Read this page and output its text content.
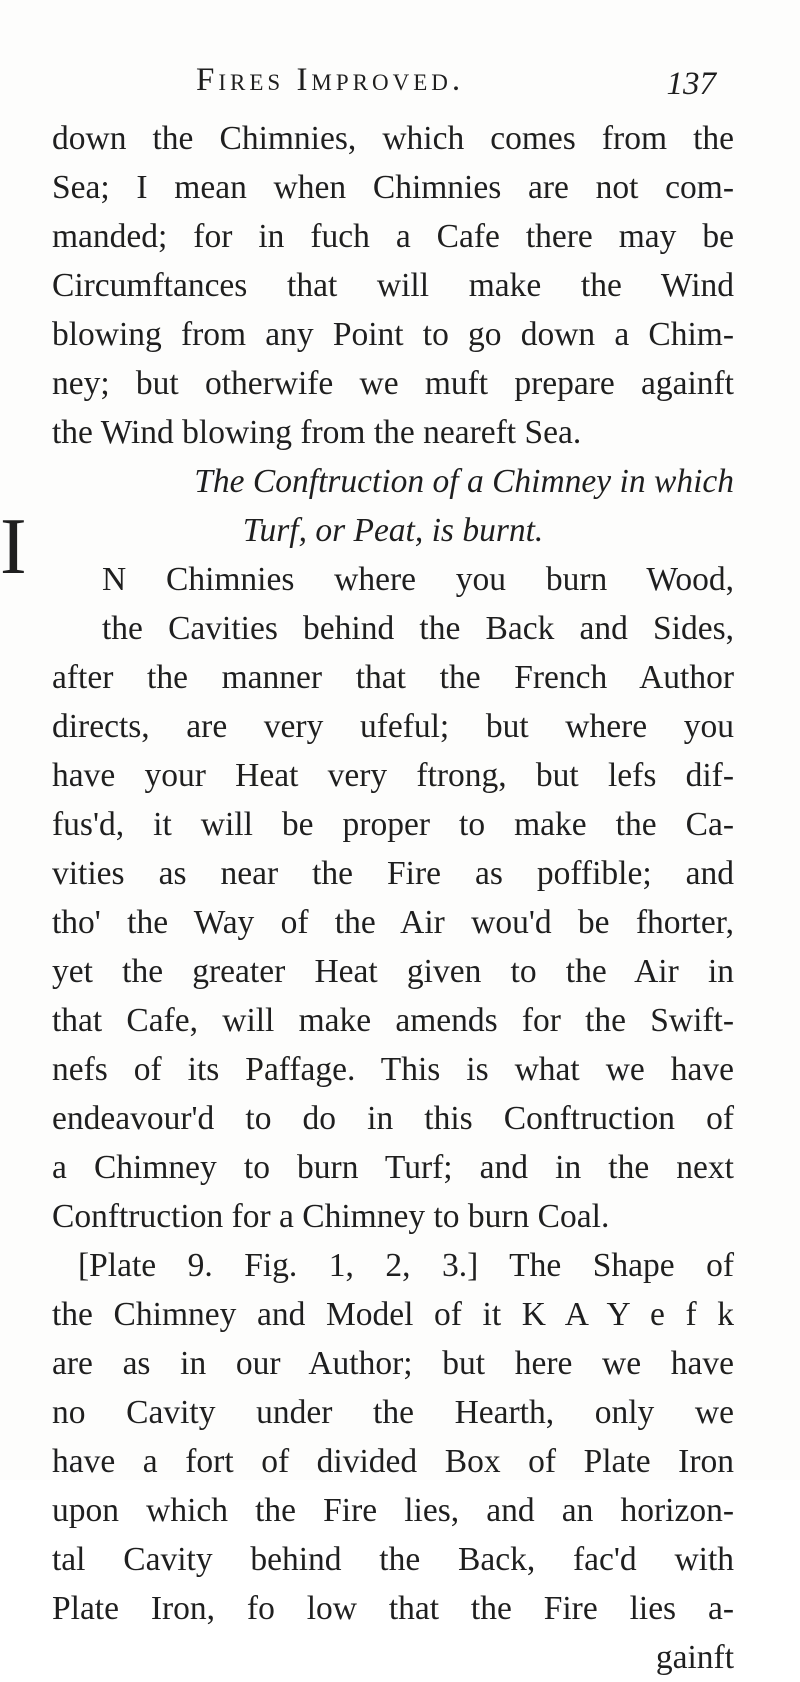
Fires Improved.	137
I
down the Chimnies, which comes from the
Sea; I mean when Chimnies are not com-
manded; for in fuch a Cafe there may be
Circumftances that will make the Wind
blowing from any Point to go down a Chim-
ney; but otherwife we muft prepare againft
the Wind blowing from the neareft Sea.
The Conftruction of a Chimney in which
Turf, or Peat, is burnt.
N Chimnies where you burn Wood,
the Cavities behind the Back and Sides,
after the manner that the French Author
directs, are very ufeful; but where you
have your Heat very ftrong, but lefs dif-
fus'd, it will be proper to make the Ca-
vities as near the Fire as poffible; and
tho' the Way of the Air wou'd be fhorter,
yet the greater Heat given to the Air in
that Cafe, will make amends for the Swift-
nefs of its Paffage. This is what we have
endeavour'd to do in this Conftruction of
a Chimney to burn Turf; and in the next
Conftruction for a Chimney to burn Coal.
[Plate 9. Fig. 1, 2, 3.] The Shape of
the Chimney and Model of it K A Y e f k
are as in our Author; but here we have
no Cavity under the Hearth, only we
have a fort of divided Box of Plate Iron
upon which the Fire lies, and an horizon-
tal Cavity behind the Back, fac'd with
Plate Iron, fo low that the Fire lies a-
gainft
